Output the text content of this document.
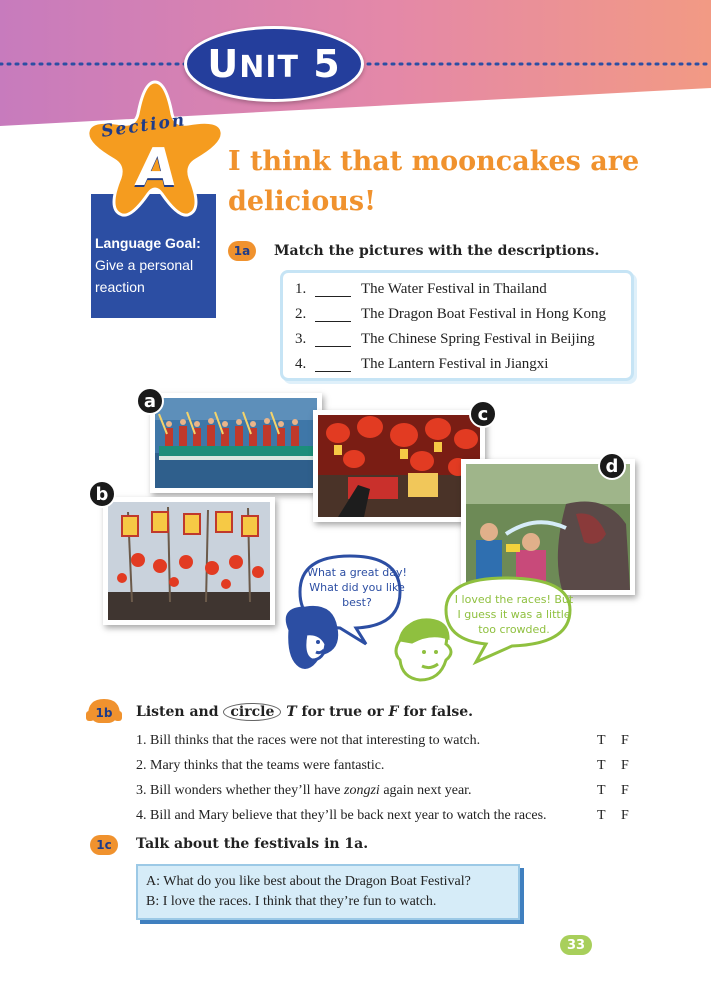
UNIT 5
Language Goal:
Give a personal reaction
Section
A I think that mooncakes are delicious!
1a	Match the pictures with the descriptions.
1.	The Water Festival in Thailand
2.	The Dragon Boat Festival in Hong Kong
3.	The Chinese Spring Festival in Beijing
4.	The Lantern Festival in Jiangxi
a
c
b
d
What a great day! What did you like best?	I loved the races! But I guess it was a little too crowded.
1b	Listen and circle T for true or F for false.
1. Bill thinks that the races were not that interesting to watch.	T F
2. Mary thinks that the teams were fantastic.	T F
3. Bill wonders whether they’ll have zongzi again next year.	T F
4. Bill and Mary believe that they’ll be back next year to watch the races.	T F
1c	Talk about the festivals in 1a.
A: What do you like best about the Dragon Boat Festival?
B: I love the races. I think that they’re fun to watch.
33
